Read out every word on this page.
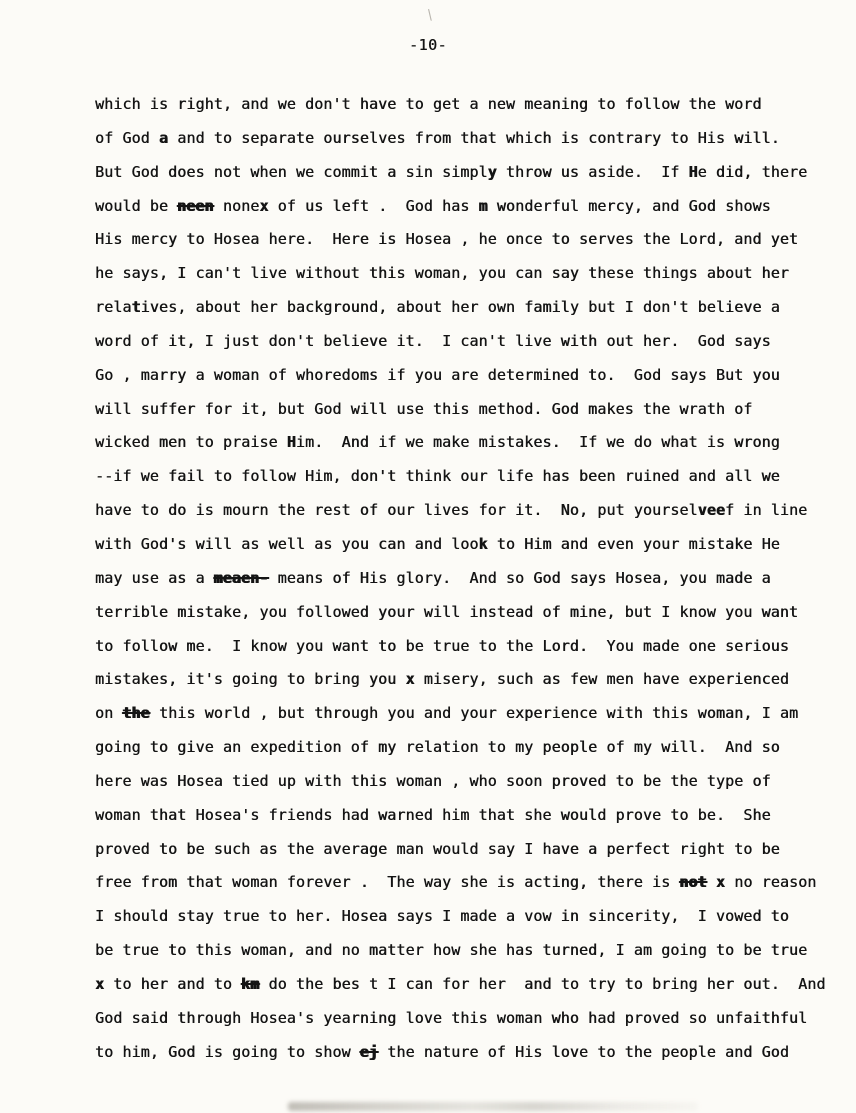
\
-10-
which is right, and we don't have to get a new meaning to follow the word
of God a and to separate ourselves from that which is contrary to His will.
But God does not when we commit a sin simply throw us aside.  If He did, there
would be neen nonex of us left .  God has m wonderful mercy, and God shows
His mercy to Hosea here.  Here is Hosea , he once to serves the Lord, and yet
he says, I can't live without this woman, you can say these things about her
relatives, about her background, about her own family but I don't believe a
word of it, I just don't believe it.  I can't live with out her.  God says
Go , marry a woman of whoredoms if you are determined to.  God says But you
will suffer for it, but God will use this method. God makes the wrath of
wicked men to praise Him.  And if we make mistakes.  If we do what is wrong
--if we fail to follow Him, don't think our life has been ruined and all we
have to do is mourn the rest of our lives for it.  No, put yourselveef in line
with God's will as well as you can and look to Him and even your mistake He
may use as a meaen- means of His glory.  And so God says Hosea, you made a
terrible mistake, you followed your will instead of mine, but I know you want
to follow me.  I know you want to be true to the Lord.  You made one serious
mistakes, it's going to bring you x misery, such as few men have experienced
on the this world , but through you and your experience with this woman, I am
going to give an expedition of my relation to my people of my will.  And so
here was Hosea tied up with this woman , who soon proved to be the type of
woman that Hosea's friends had warned him that she would prove to be.  She
proved to be such as the average man would say I have a perfect right to be
free from that woman forever .  The way she is acting, there is not x no reason
I should stay true to her. Hosea says I made a vow in sincerity,  I vowed to
be true to this woman, and no matter how she has turned, I am going to be true
x to her and to km do the bes t I can for her  and to try to bring her out.  And
God said through Hosea's yearning love this woman who had proved so unfaithful
to him, God is going to show ej the nature of His love to the people and God
